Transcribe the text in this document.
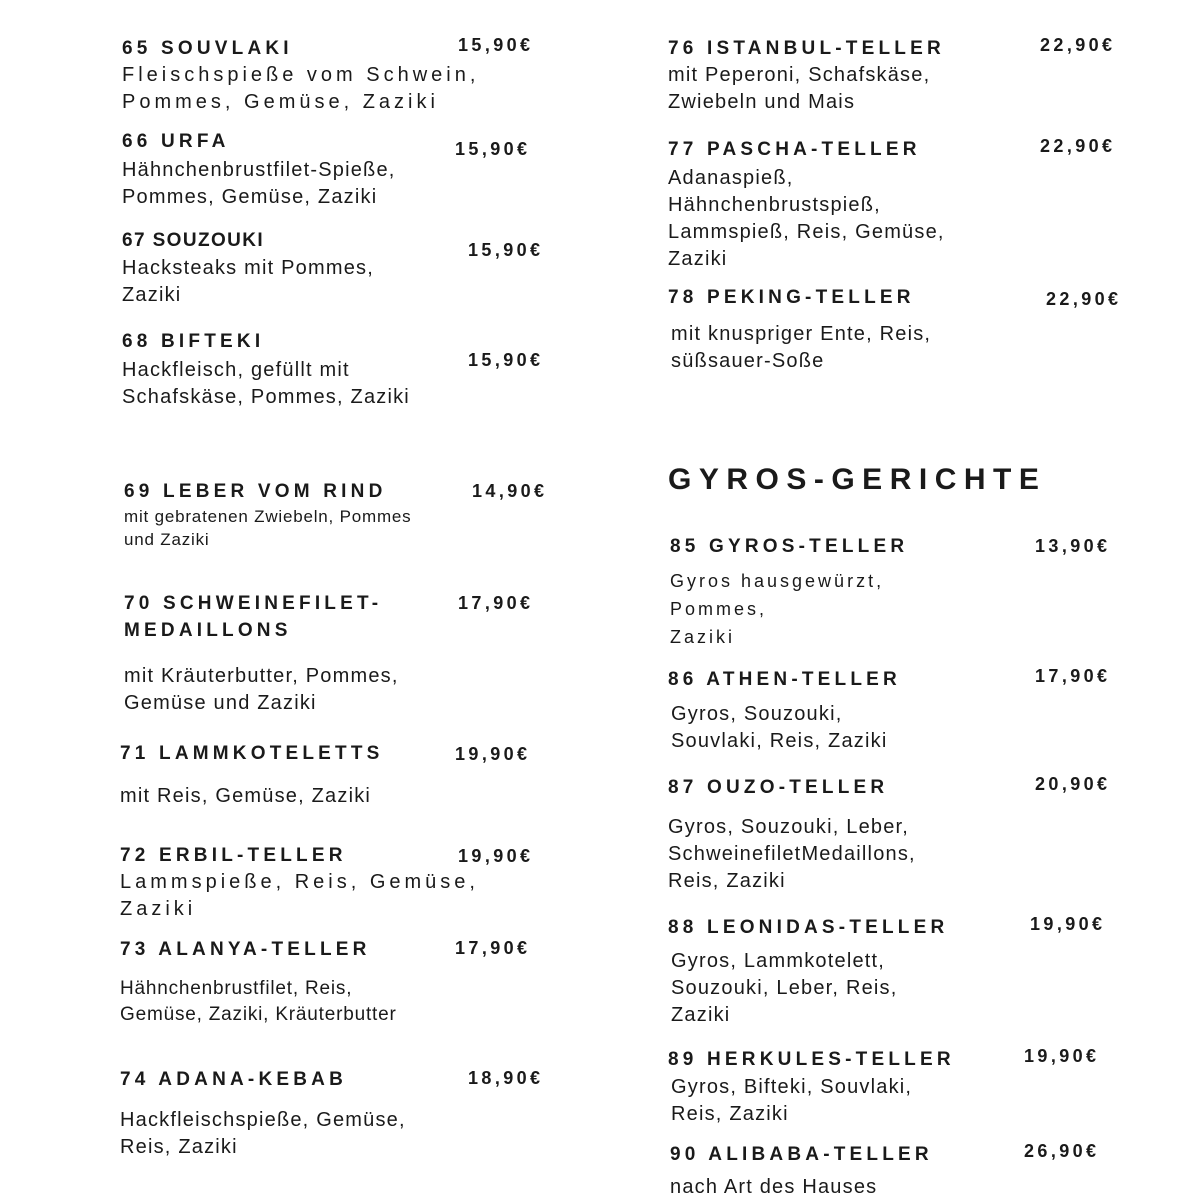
65 SOUVLAKI	15,90€
Fleischspieße vom Schwein,
Pommes, Gemüse, Zaziki
66 URFA	15,90€
Hähnchenbrustfilet-Spieße,
Pommes, Gemüse, Zaziki
67 SOUZOUKI	15,90€
Hacksteaks mit Pommes,
Zaziki
68 BIFTEKI
15,90€
Hackfleisch, gefüllt mit
Schafskäse, Pommes, Zaziki
69 LEBER VOM RIND	14,90€
mit gebratenen Zwiebeln, Pommes
und Zaziki
70 SCHWEINEFILET-
MEDAILLONS
17,90€
mit Kräuterbutter, Pommes,
Gemüse und Zaziki
71 LAMMKOTELETTS	19,90€
mit Reis, Gemüse, Zaziki
72 ERBIL-TELLER	19,90€
Lammspieße, Reis, Gemüse,
Zaziki
73 ALANYA-TELLER	17,90€
Hähnchenbrustfilet, Reis,
Gemüse, Zaziki, Kräuterbutter
74 ADANA-KEBAB	18,90€
Hackfleischspieße, Gemüse,
Reis, Zaziki
76 ISTANBUL-TELLER	22,90€
mit Peperoni, Schafskäse,
Zwiebeln und Mais
77 PASCHA-TELLER	22,90€
Adanaspieß,
Hähnchenbrustspieß,
Lammspieß, Reis, Gemüse,
Zaziki
78 PEKING-TELLER	22,90€
mit knuspriger Ente, Reis,
süßsauer-Soße
GYROS-GERICHTE
85 GYROS-TELLER	13,90€
Gyros hausgewürzt,
Pommes,
Zaziki
86 ATHEN-TELLER	17,90€
Gyros, Souzouki,
Souvlaki, Reis, Zaziki
87 OUZO-TELLER	20,90€
Gyros, Souzouki, Leber,
SchweinefiletMedaillons,
Reis, Zaziki
88 LEONIDAS-TELLER	19,90€
Gyros, Lammkotelett,
Souzouki, Leber, Reis,
Zaziki
89 HERKULES-TELLER	19,90€
Gyros, Bifteki, Souvlaki,
Reis, Zaziki
90 ALIBABA-TELLER	26,90€
nach Art des Hauses
